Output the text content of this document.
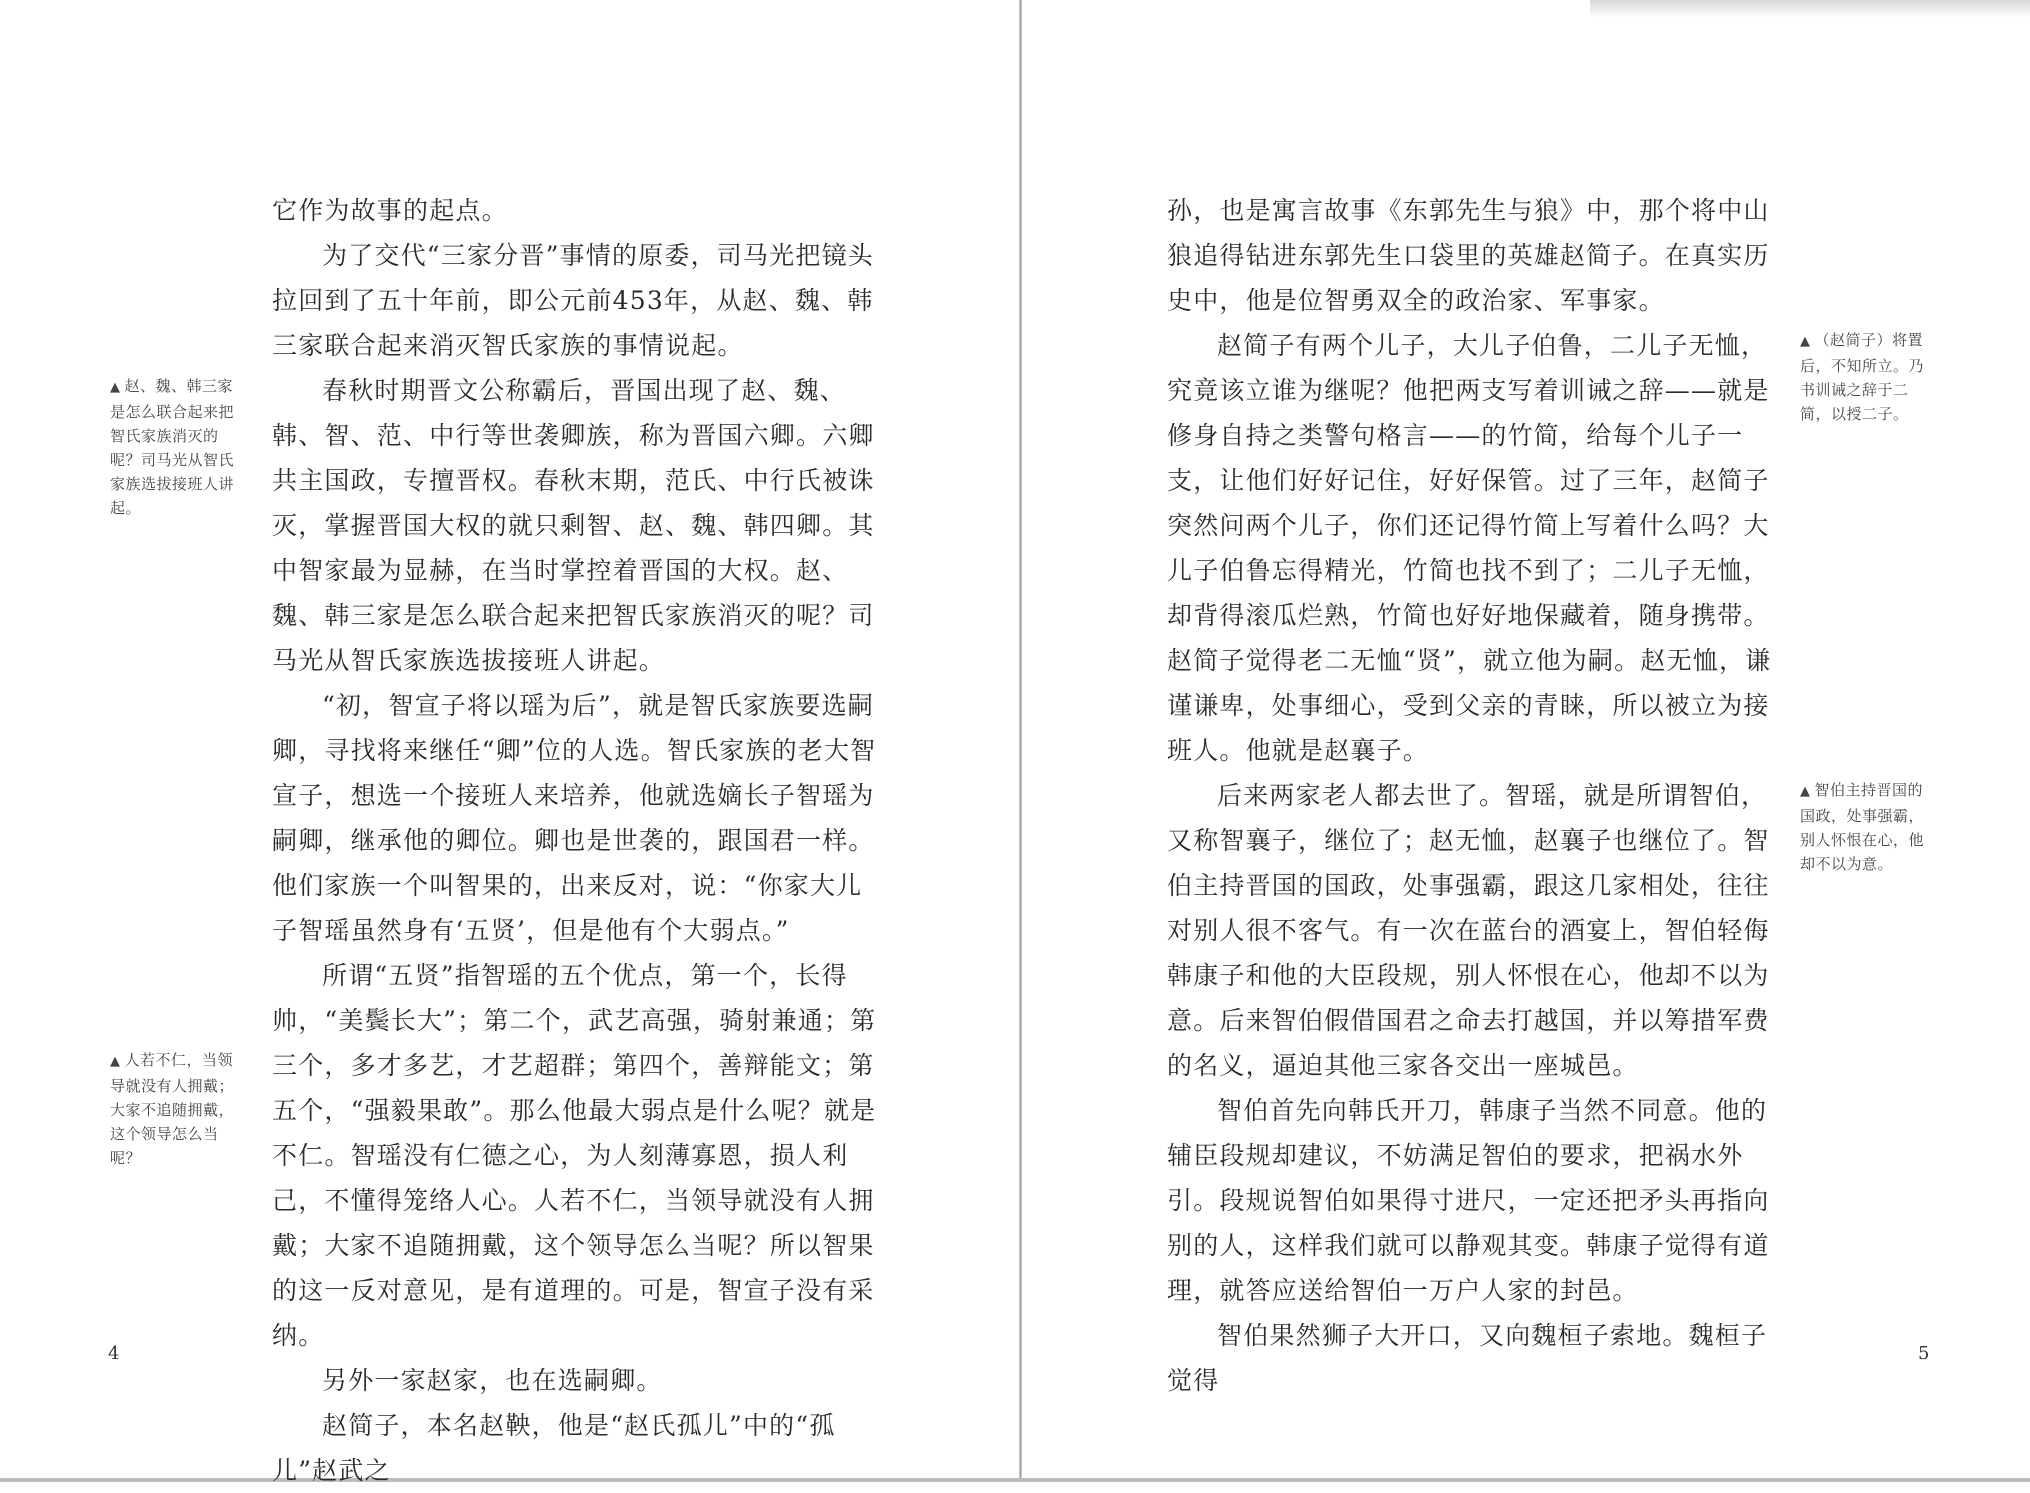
它作为故事的起点。

为了交代“三家分晋”事情的原委，司马光把镜头拉回到了五十年前，即公元前453年，从赵、魏、韩三家联合起来消灭智氏家族的事情说起。

春秋时期晋文公称霸后，晋国出现了赵、魏、韩、智、范、中行等世袭卿族，称为晋国六卿。六卿共主国政，专擅晋权。春秋末期，范氏、中行氏被诛灭，掌握晋国大权的就只剩智、赵、魏、韩四卿。其中智家最为显赫，在当时掌控着晋国的大权。赵、魏、韩三家是怎么联合起来把智氏家族消灭的呢？司马光从智氏家族选拔接班人讲起。

“初，智宣子将以瑶为后”，就是智氏家族要选嗣卿，寻找将来继任“卿”位的人选。智氏家族的老大智宣子，想选一个接班人来培养，他就选嫡长子智瑶为嗣卿，继承他的卿位。卿也是世袭的，跟国君一样。他们家族一个叫智果的，出来反对，说：“你家大儿子智瑶虽然身有‘五贤’，但是他有个大弱点。”

所谓“五贤”指智瑶的五个优点，第一个，长得帅，“美鬓长大”；第二个，武艺高强，骑射兼通；第三个，多才多艺，才艺超群；第四个，善辩能文；第五个，“强毅果敢”。那么他最大弱点是什么呢？就是不仁。智瑶没有仁德之心，为人刻薄寡恩，损人利己，不懂得笼络人心。人若不仁，当领导就没有人拥戴；大家不追随拥戴，这个领导怎么当呢？所以智果的这一反对意见，是有道理的。可是，智宣子没有采纳。

另外一家赵家，也在选嗣卿。

赵简子，本名赵鞅，他是“赵氏孤儿”中的“孤儿”赵武之

▲ 赵、魏、韩三家是怎么联合起来把智氏家族消灭的呢？司马光从智氏家族选拔接班人讲起。
▲ 人若不仁，当领导就没有人拥戴；大家不追随拥戴，这个领导怎么当呢？

孙，也是寓言故事《东郭先生与狼》中，那个将中山狼追得钻进东郭先生口袋里的英雄赵简子。在真实历史中，他是位智勇双全的政治家、军事家。

赵简子有两个儿子，大儿子伯鲁，二儿子无恤，究竟该立谁为继呢？他把两支写着训诫之辞——就是修身自持之类警句格言——的竹简，给每个儿子一支，让他们好好记住，好好保管。过了三年，赵简子突然问两个儿子，你们还记得竹简上写着什么吗？大儿子伯鲁忘得精光，竹简也找不到了；二儿子无恤，却背得滚瓜烂熟，竹简也好好地保藏着，随身携带。赵简子觉得老二无恤“贤”，就立他为嗣。赵无恤，谦谨谦卑，处事细心，受到父亲的青睐，所以被立为接班人。他就是赵襄子。

后来两家老人都去世了。智瑶，就是所谓智伯，又称智襄子，继位了；赵无恤，赵襄子也继位了。智伯主持晋国的国政，处事强霸，跟这几家相处，往往对别人很不客气。有一次在蓝台的酒宴上，智伯轻侮韩康子和他的大臣段规，别人怀恨在心，他却不以为意。后来智伯假借国君之命去打越国，并以筹措军费的名义，逼迫其他三家各交出一座城邑。

智伯首先向韩氏开刀，韩康子当然不同意。他的辅臣段规却建议，不妨满足智伯的要求，把祸水外引。段规说智伯如果得寸进尺，一定还把矛头再指向别的人，这样我们就可以静观其变。韩康子觉得有道理，就答应送给智伯一万户人家的封邑。

智伯果然狮子大开口，又向魏桓子索地。魏桓子觉得

▲ （赵简子）将置后，不知所立。乃书训诫之辞于二简，以授二子。
▲ 智伯主持晋国的国政，处事强霸，别人怀恨在心，他却不以为意。
4	5
